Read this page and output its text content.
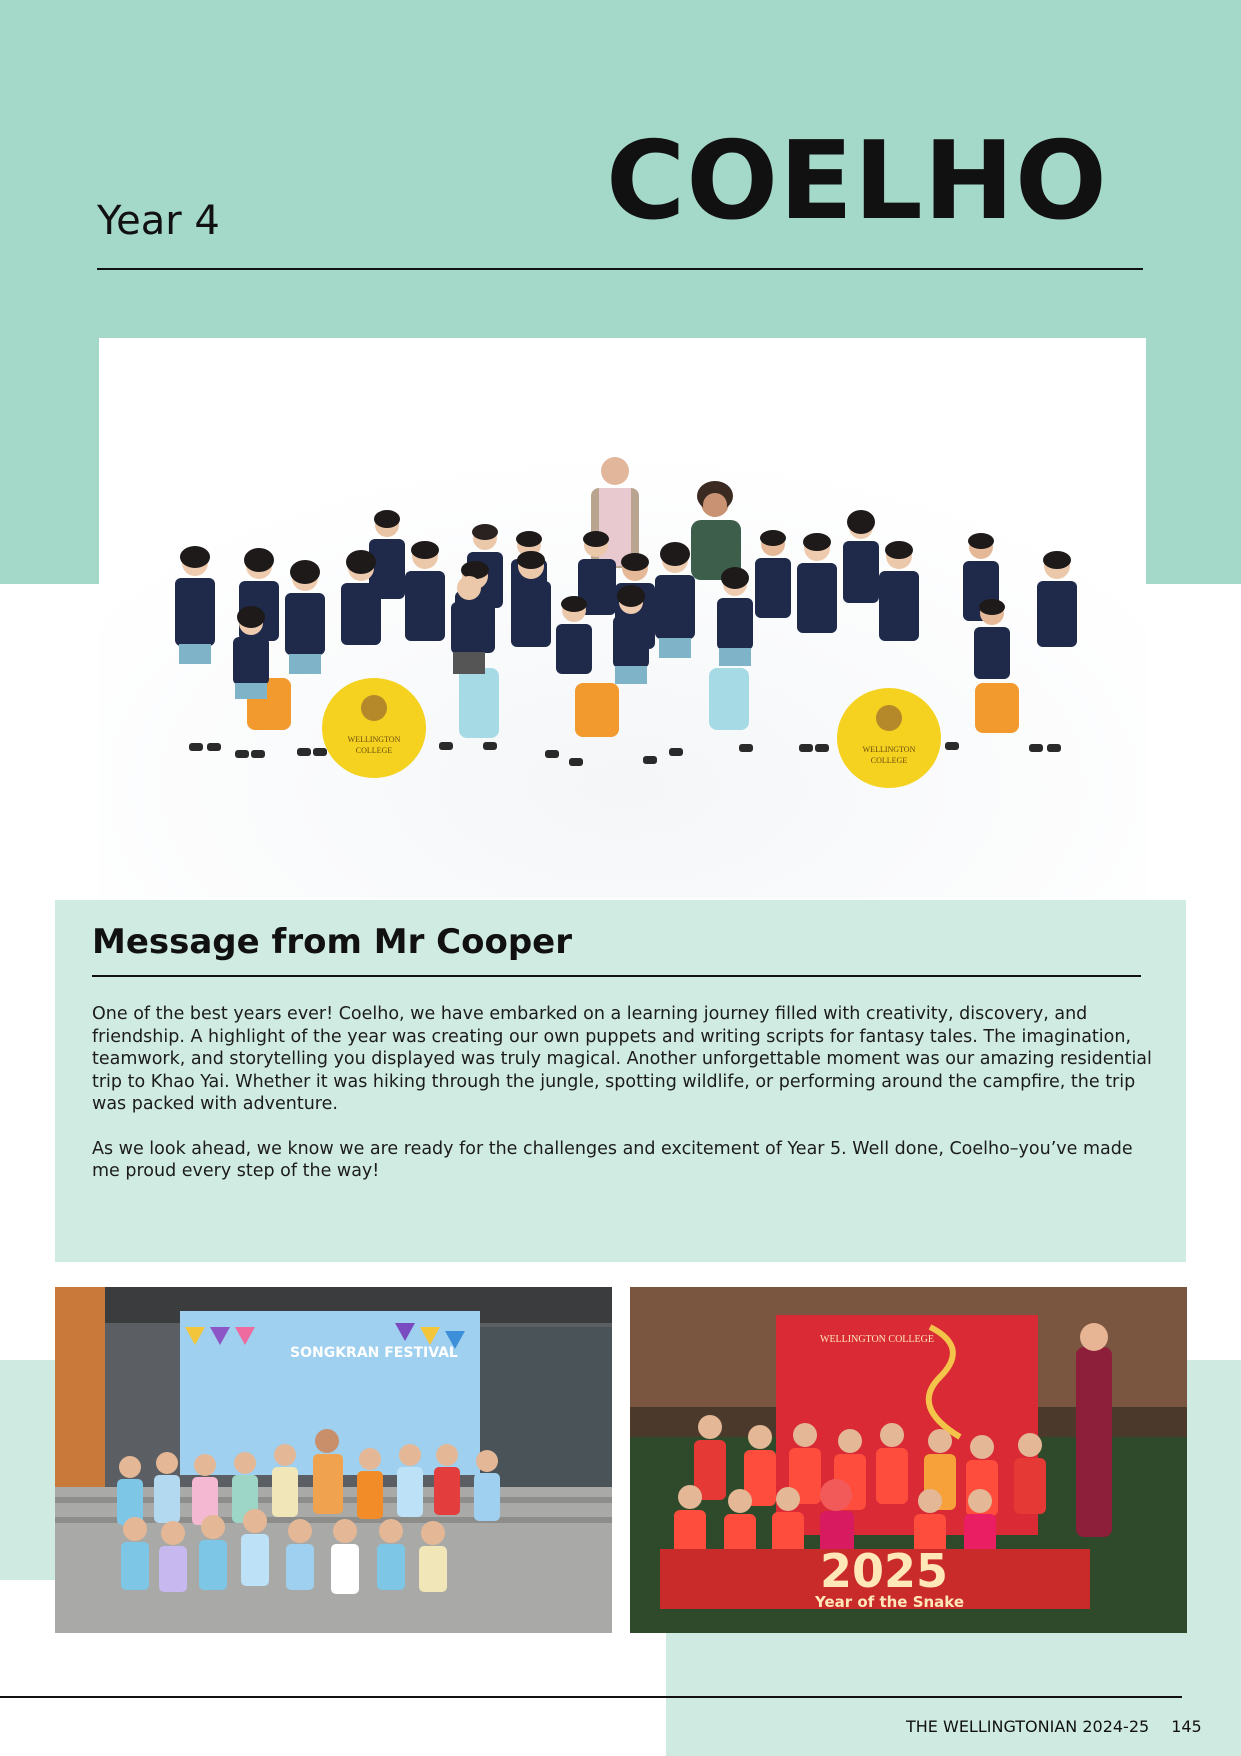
Year 4	COELHO
WELLINGTON
COLLEGE	WELLINGTON
COLLEGE
Message from Mr Cooper

One of the best years ever! Coelho, we have embarked on a learning journey filled with creativity, discovery, and friendship. A highlight of the year was creating our own puppets and writing scripts for fantasy tales. The imagination, teamwork, and storytelling you displayed was truly magical. Another unforgettable moment was our amazing residential trip to Khao Yai. Whether it was hiking through the jungle, spotting wildlife, or performing around the campfire, the trip was packed with adventure.

As we look ahead, we know we are ready for the challenges and excitement of Year 5. Well done, Coelho–you’ve made me proud every step of the way!

SONGKRAN FESTIVAL
WELLINGTON COLLEGE
2025
Year of the Snake
THE WELLINGTONIAN 2024-25 145
